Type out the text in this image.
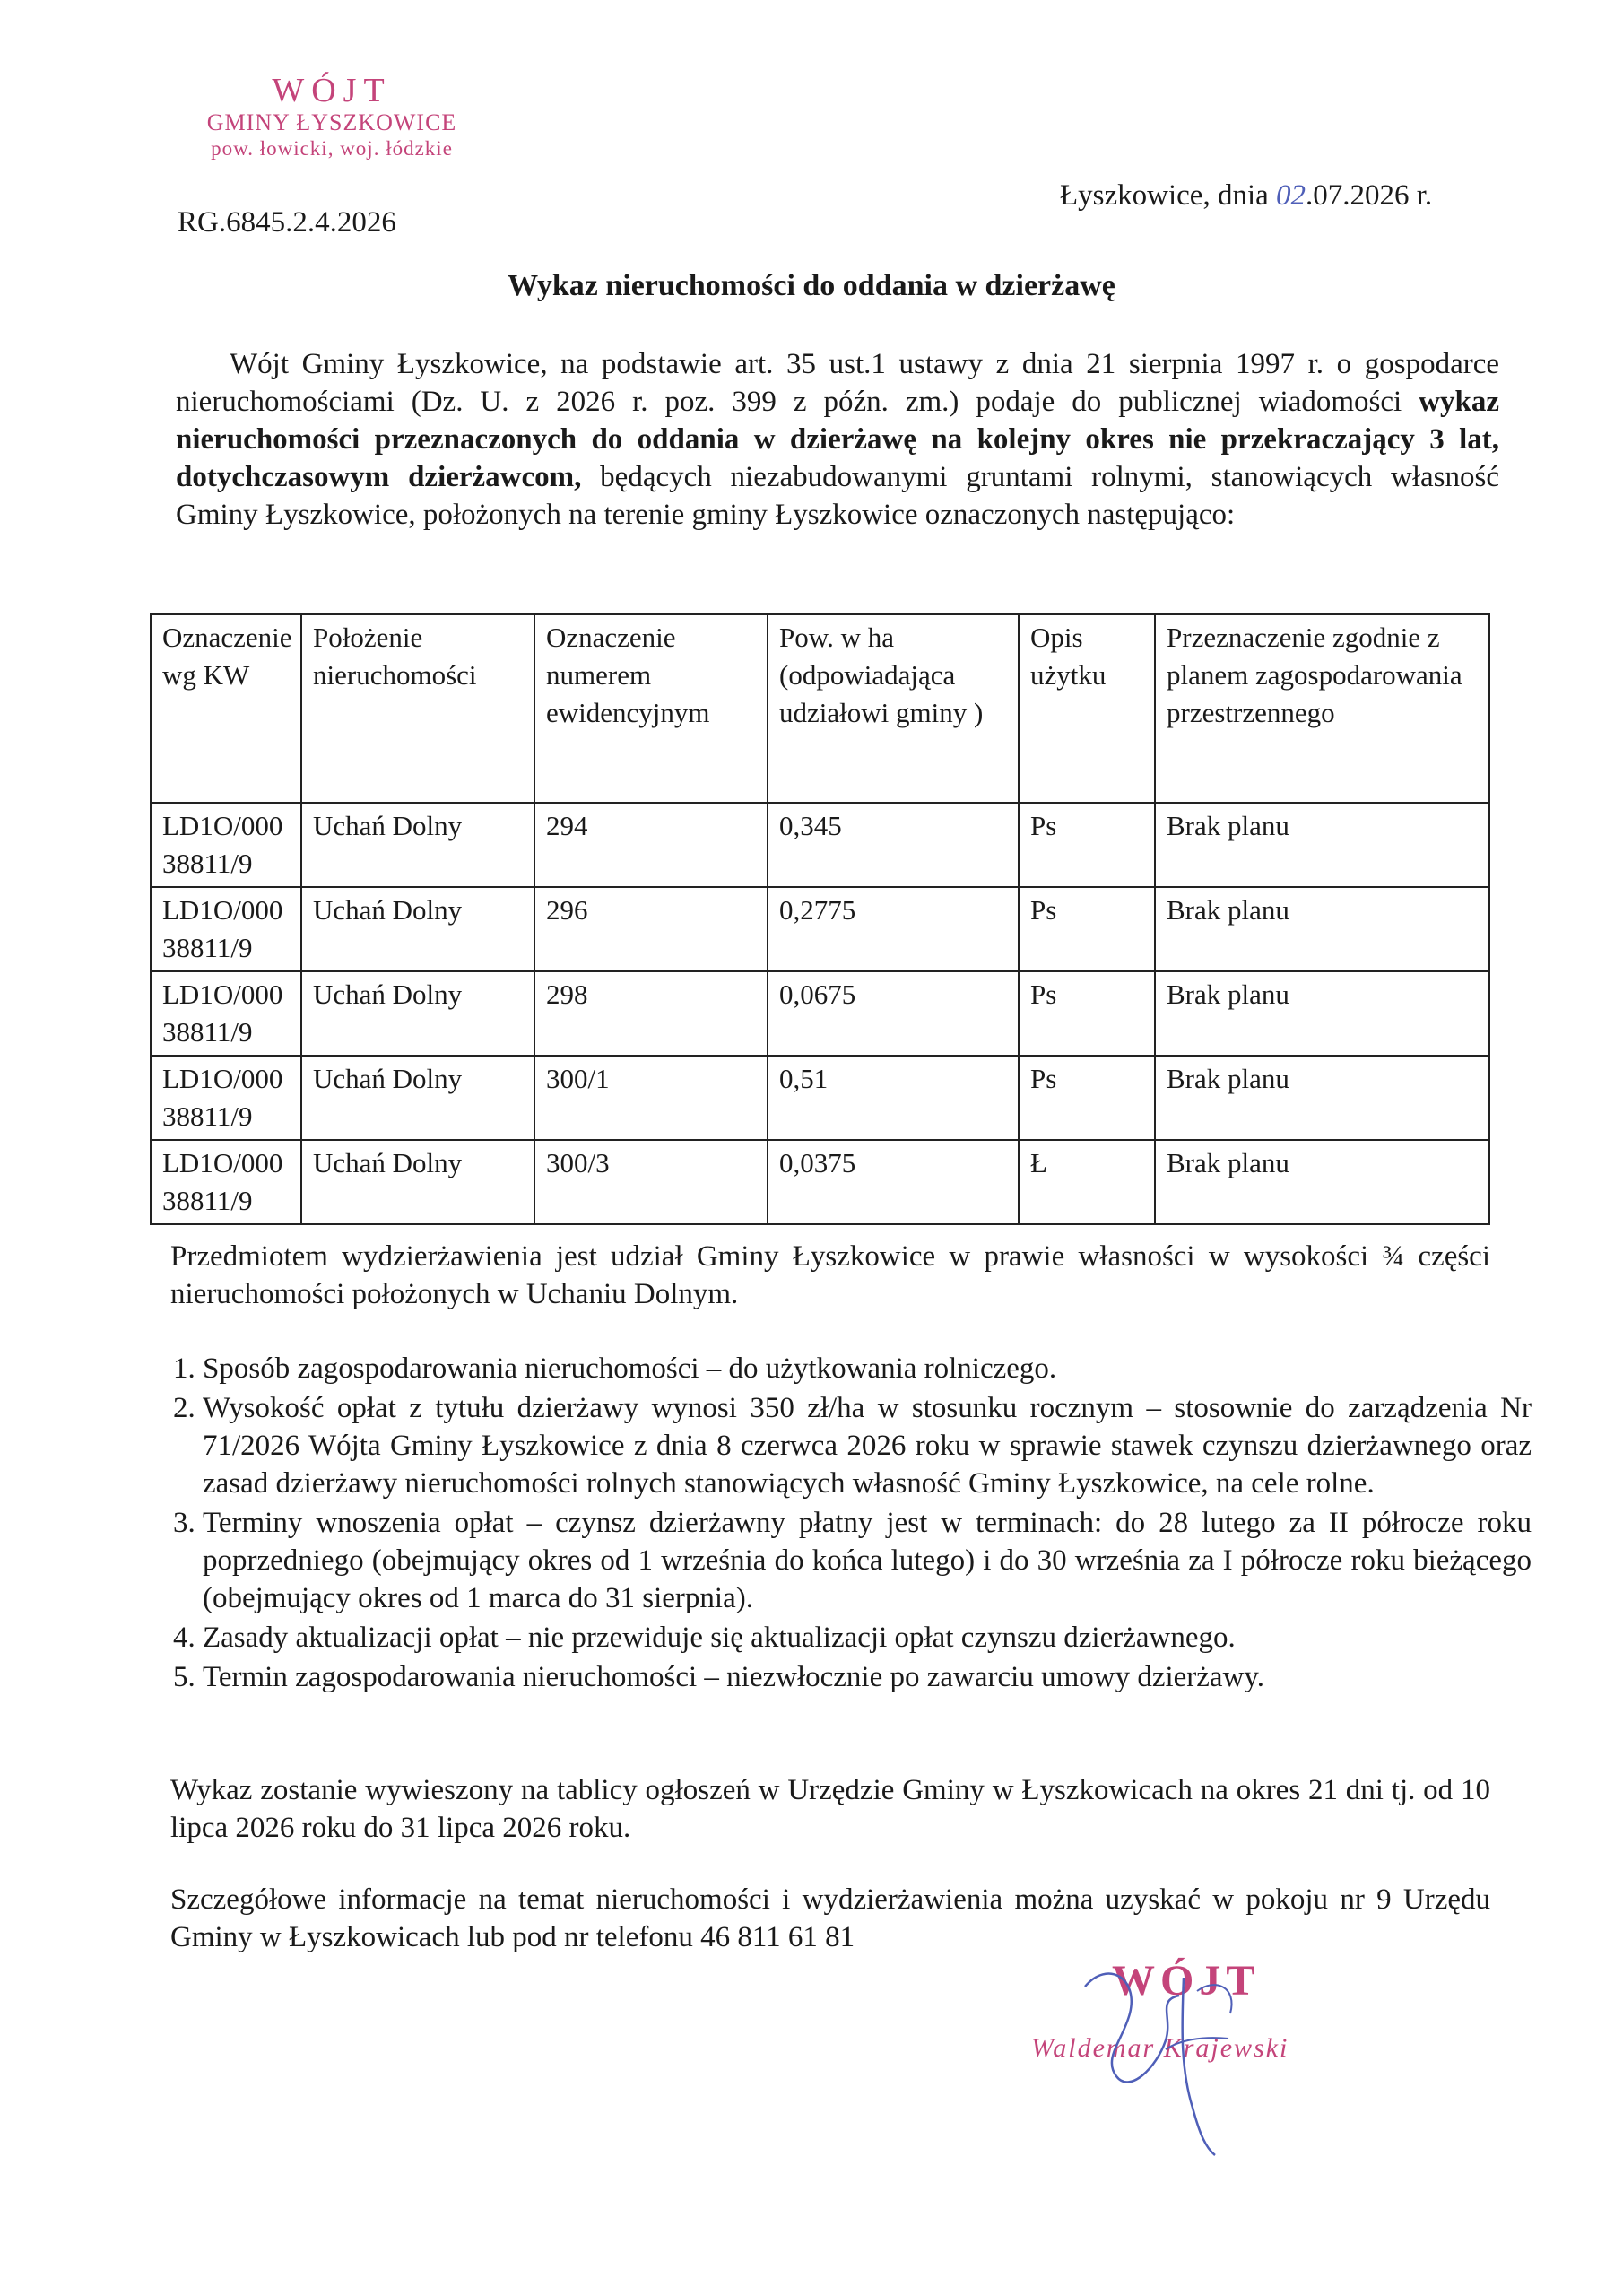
WÓJT
GMINY ŁYSZKOWICE
pow. łowicki, woj. łódzkie
RG.6845.2.4.2026
Łyszkowice, dnia 02.07.2026 r.
Wykaz nieruchomości do oddania w dzierżawę

Wójt Gminy Łyszkowice, na podstawie art. 35 ust.1 ustawy z dnia 21 sierpnia 1997 r. o gospodarce nieruchomościami (Dz. U. z 2026 r. poz. 399 z późn. zm.) podaje do publicznej wiadomości wykaz nieruchomości przeznaczonych do oddania w dzierżawę na kolejny okres nie przekraczający 3 lat, dotychczasowym dzierżawcom, będących niezabudowanymi gruntami rolnymi, stanowiących własność Gminy Łyszkowice, położonych na terenie gminy Łyszkowice oznaczonych następująco:

Oznaczenie wg KW	Położenie nieruchomości	Oznaczenie numerem ewidencyjnym	Pow. w ha (odpowiadająca udziałowi gminy )	Opis użytku	Przeznaczenie zgodnie z planem zagospodarowania przestrzennego
LD1O/000 38811/9	Uchań Dolny	294	0,345	Ps	Brak planu
LD1O/000 38811/9	Uchań Dolny	296	0,2775	Ps	Brak planu
LD1O/000 38811/9	Uchań Dolny	298	0,0675	Ps	Brak planu
LD1O/000 38811/9	Uchań Dolny	300/1	0,51	Ps	Brak planu
LD1O/000 38811/9	Uchań Dolny	300/3	0,0375	Ł	Brak planu
Przedmiotem wydzierżawienia jest udział Gminy Łyszkowice w prawie własności w wysokości ¾ części nieruchomości położonych w Uchaniu Dolnym.
1. Sposób zagospodarowania nieruchomości – do użytkowania rolniczego.
2. Wysokość opłat z tytułu dzierżawy wynosi 350 zł/ha w stosunku rocznym – stosownie do zarządzenia Nr 71/2026 Wójta Gminy Łyszkowice z dnia 8 czerwca 2026 roku w sprawie stawek czynszu dzierżawnego oraz zasad dzierżawy nieruchomości rolnych stanowiących własność Gminy Łyszkowice, na cele rolne.
3. Terminy wnoszenia opłat – czynsz dzierżawny płatny jest w terminach: do 28 lutego za II półrocze roku poprzedniego (obejmujący okres od 1 września do końca lutego) i do 30 września za I półrocze roku bieżącego (obejmujący okres od 1 marca do 31 sierpnia).
4. Zasady aktualizacji opłat – nie przewiduje się aktualizacji opłat czynszu dzierżawnego.
5. Termin zagospodarowania nieruchomości – niezwłocznie po zawarciu umowy dzierżawy.
Wykaz zostanie wywieszony na tablicy ogłoszeń w Urzędzie Gminy w Łyszkowicach na okres 21 dni tj. od 10 lipca 2026 roku do 31 lipca 2026 roku.
Szczegółowe informacje na temat nieruchomości i wydzierżawienia można uzyskać w pokoju nr 9 Urzędu Gminy w Łyszkowicach lub pod nr telefonu 46 811 61 81
WÓJT
Waldemar Krajewski
